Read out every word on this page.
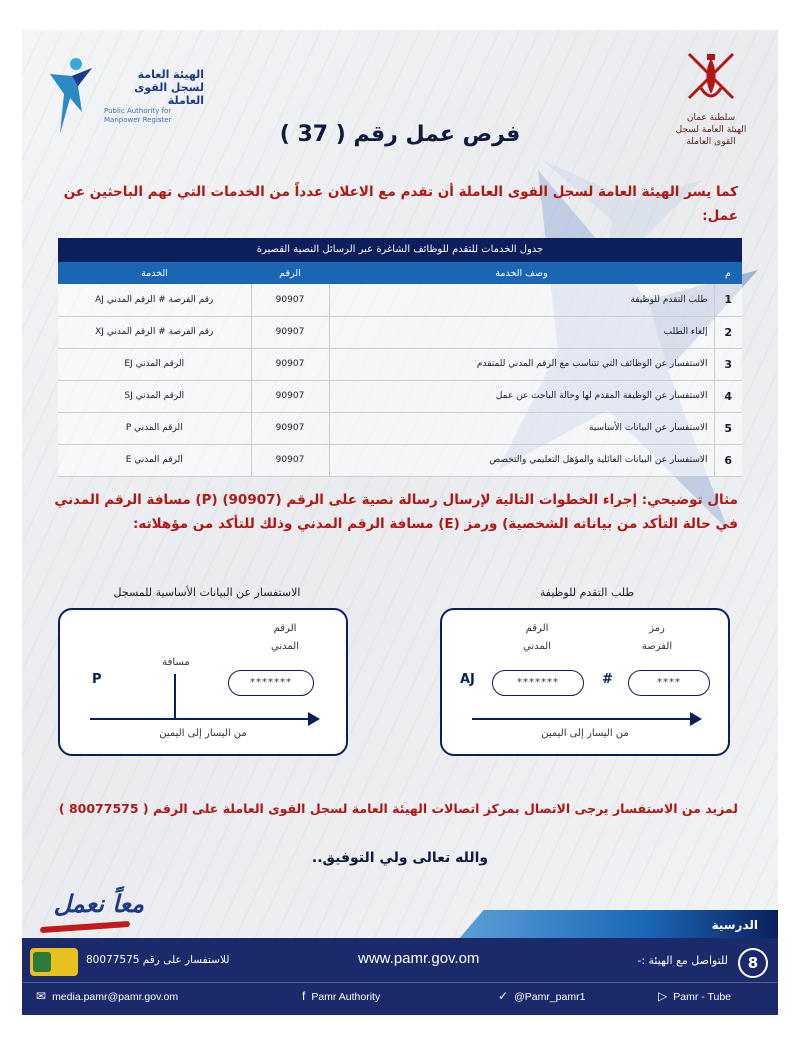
الهيئة العامة لسجل القوى العاملة
Public Authority for Manpower Register	سلطنة عمان
الهيئة العامة لسجل القوى العاملة
فرص عمل رقم ( 37 )
كما يسر الهيئة العامة لسجل القوى العاملة أن تقدم مع الاعلان عدداً من الخدمات التي تهم الباحثين عن عمل:
جدول الخدمات للتقدم للوظائف الشاغرة عبر الرسائل النصية القصيرة
م	وصف الخدمة	الرقم	الخدمة
1	طلب التقدم للوظيفة	90907	رقم الفرصة # الرقم المدني AJ
2	إلغاء الطلب	90907	رقم الفرصة # الرقم المدني XJ
3	الاستفسار عن الوظائف التي تتناسب مع الرقم المدني للمتقدم	90907	الرقم المدني EJ
4	الاستفسار عن الوظيفة المقدم لها وحالة الباحث عن عمل	90907	الرقم المدني SJ
5	الاستفسار عن البيانات الأساسية	90907	الرقم المدني P
6	الاستفسار عن البيانات العائلية والمؤهل التعليمي والتخصص	90907	الرقم المدني E
مثال توضيحي: إجراء الخطوات التالية لإرسال رسالة نصية على الرقم (90907) (P) مسافة الرقم المدني في حالة التأكد من بياناته الشخصية) ورمز (E) مسافة الرقم المدني وذلك للتأكد من مؤهلاته:
الاستفسار عن البيانات الأساسية للمسجل	طلب التقدم للوظيفة
الرقم
المدني
مسافة
*******
P
من اليسار إلى اليمين
الرقم
المدني
رمز
الفرصة
AJ	*******	#	****
من اليسار إلى اليمين
لمزيد من الاستفسار يرجى الاتصال بمركز اتصالات الهيئة العامة لسجل القوى العاملة على الرقم ( 80077575 )
والله تعالى ولي التوفيق..
معاً نعمل
الدرسية
8
للتواصل مع الهيئة :-
www.pamr.gov.om
للاستفسار على رقم 80077575
✉ media.pamr@pamr.gov.om	f Pamr Authority	✓ @Pamr_pamr1	▷ Pamr - Tube
